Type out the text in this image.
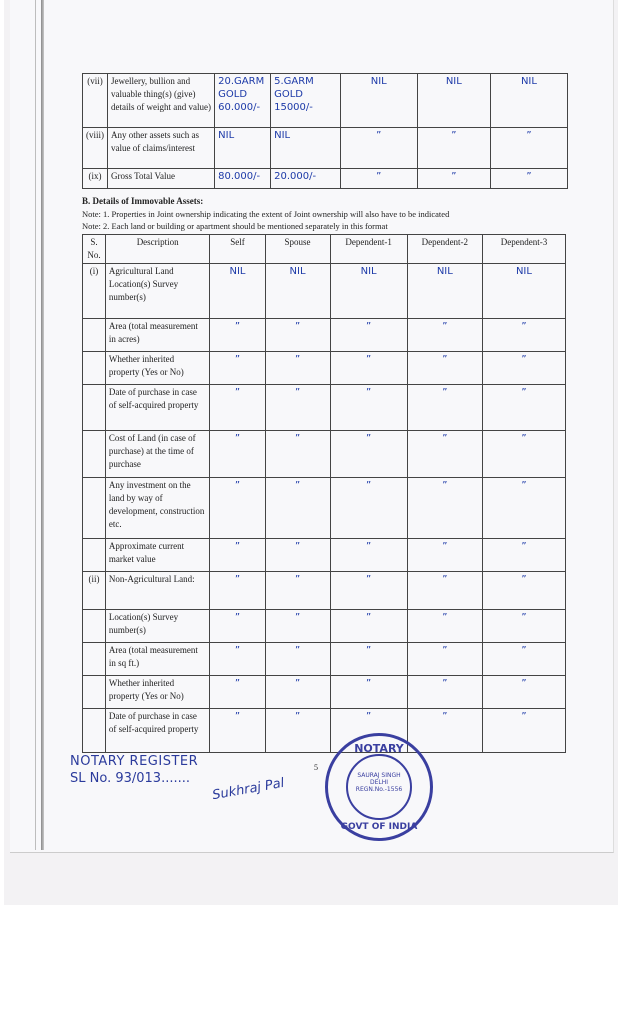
(vii)	Jewellery, bullion and valuable thing(s) (give) details of weight and value)	20.GARM GOLD 60.000/-	5.GARM GOLD 15000/-	NIL	NIL	NIL
(viii)	Any other assets such as value of claims/interest	NIL	NIL	”	”	”
(ix)	Gross Total Value	80.000/-	20.000/-	”	”	”
B. Details of Immovable Assets:
Note: 1. Properties in Joint ownership indicating the extent of Joint ownership will also have to be indicated
Note: 2. Each land or building or apartment should be mentioned separately in this format
S. No.	Description	Self	Spouse	Dependent-1	Dependent-2	Dependent-3
(i)	Agricultural Land Location(s) Survey number(s)	NIL	NIL	NIL	NIL	NIL
	Area (total measurement in acres)	”	”	”	”	”
	Whether inherited property (Yes or No)	”	”	”	”	”
	Date of purchase in case of self-acquired property	”	”	”	”	”
	Cost of Land (in case of purchase) at the time of purchase	”	”	”	”	”
	Any investment on the land by way of development, construction etc.	”	”	”	”	”
	Approximate current market value	”	”	”	”	”
(ii)	Non-Agricultural Land:	”	”	”	”	”
	Location(s) Survey number(s)	”	”	”	”	”
	Area (total measurement in sq ft.)	”	”	”	”	”
	Whether inherited property (Yes or No)	”	”	”	”	”
	Date of purchase in case of self-acquired property	”	”	”	”	”
5
NOTARY REGISTER
SL No. 93/013....... Sukhraj Pal
NOTARY
SAURAJ SINGH
DELHI
REGN.No.-1556
GOVT OF INDIA
